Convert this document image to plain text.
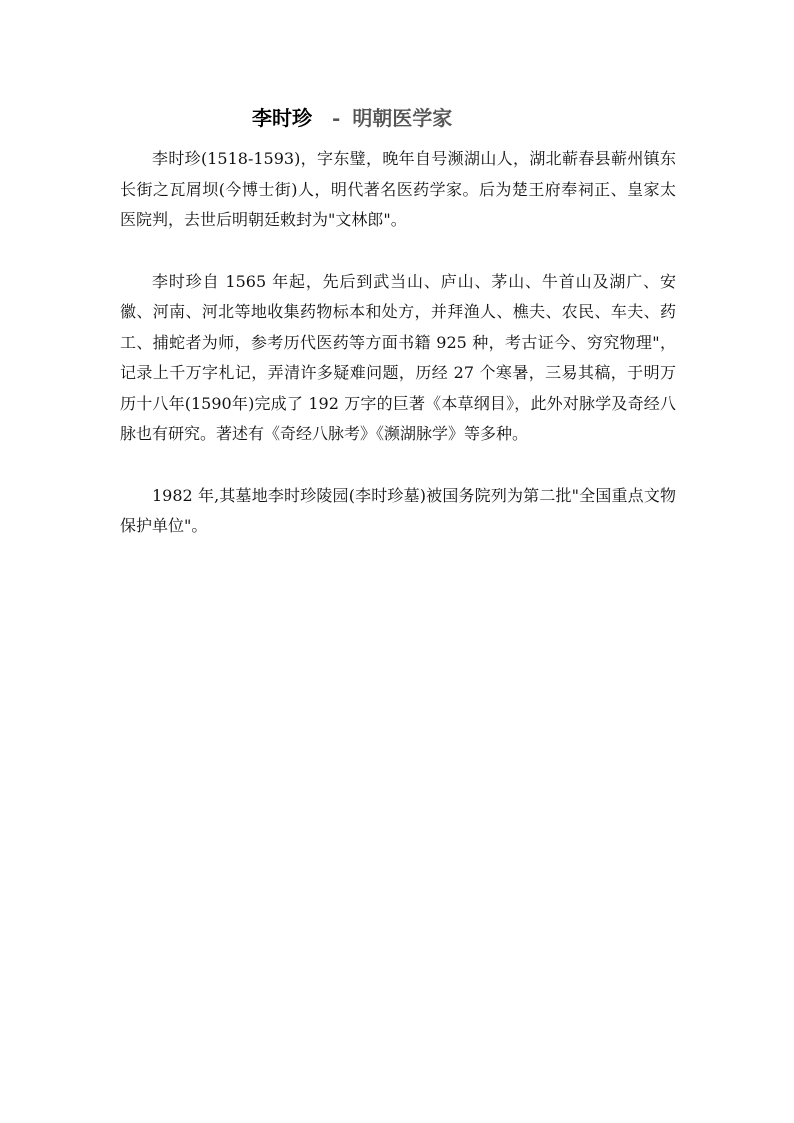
李时珍 - 明朝医学家

李时珍(1518-1593)，字东璧，晚年自号濒湖山人，湖北蕲春县蕲州镇东长街之瓦屑坝(今博士街)人，明代著名医药学家。后为楚王府奉祠正、皇家太医院判，去世后明朝廷敕封为"文林郎"。

李时珍自 1565 年起，先后到武当山、庐山、茅山、牛首山及湖广、安徽、河南、河北等地收集药物标本和处方，并拜渔人、樵夫、农民、车夫、药工、捕蛇者为师，参考历代医药等方面书籍 925 种，考古证今、穷究物理"，记录上千万字札记，弄清许多疑难问题，历经 27 个寒暑，三易其稿，于明万历十八年(1590年)完成了 192 万字的巨著《本草纲目》，此外对脉学及奇经八脉也有研究。著述有《奇经八脉考》《濒湖脉学》等多种。

1982 年,其墓地李时珍陵园(李时珍墓)被国务院列为第二批"全国重点文物保护单位"。
